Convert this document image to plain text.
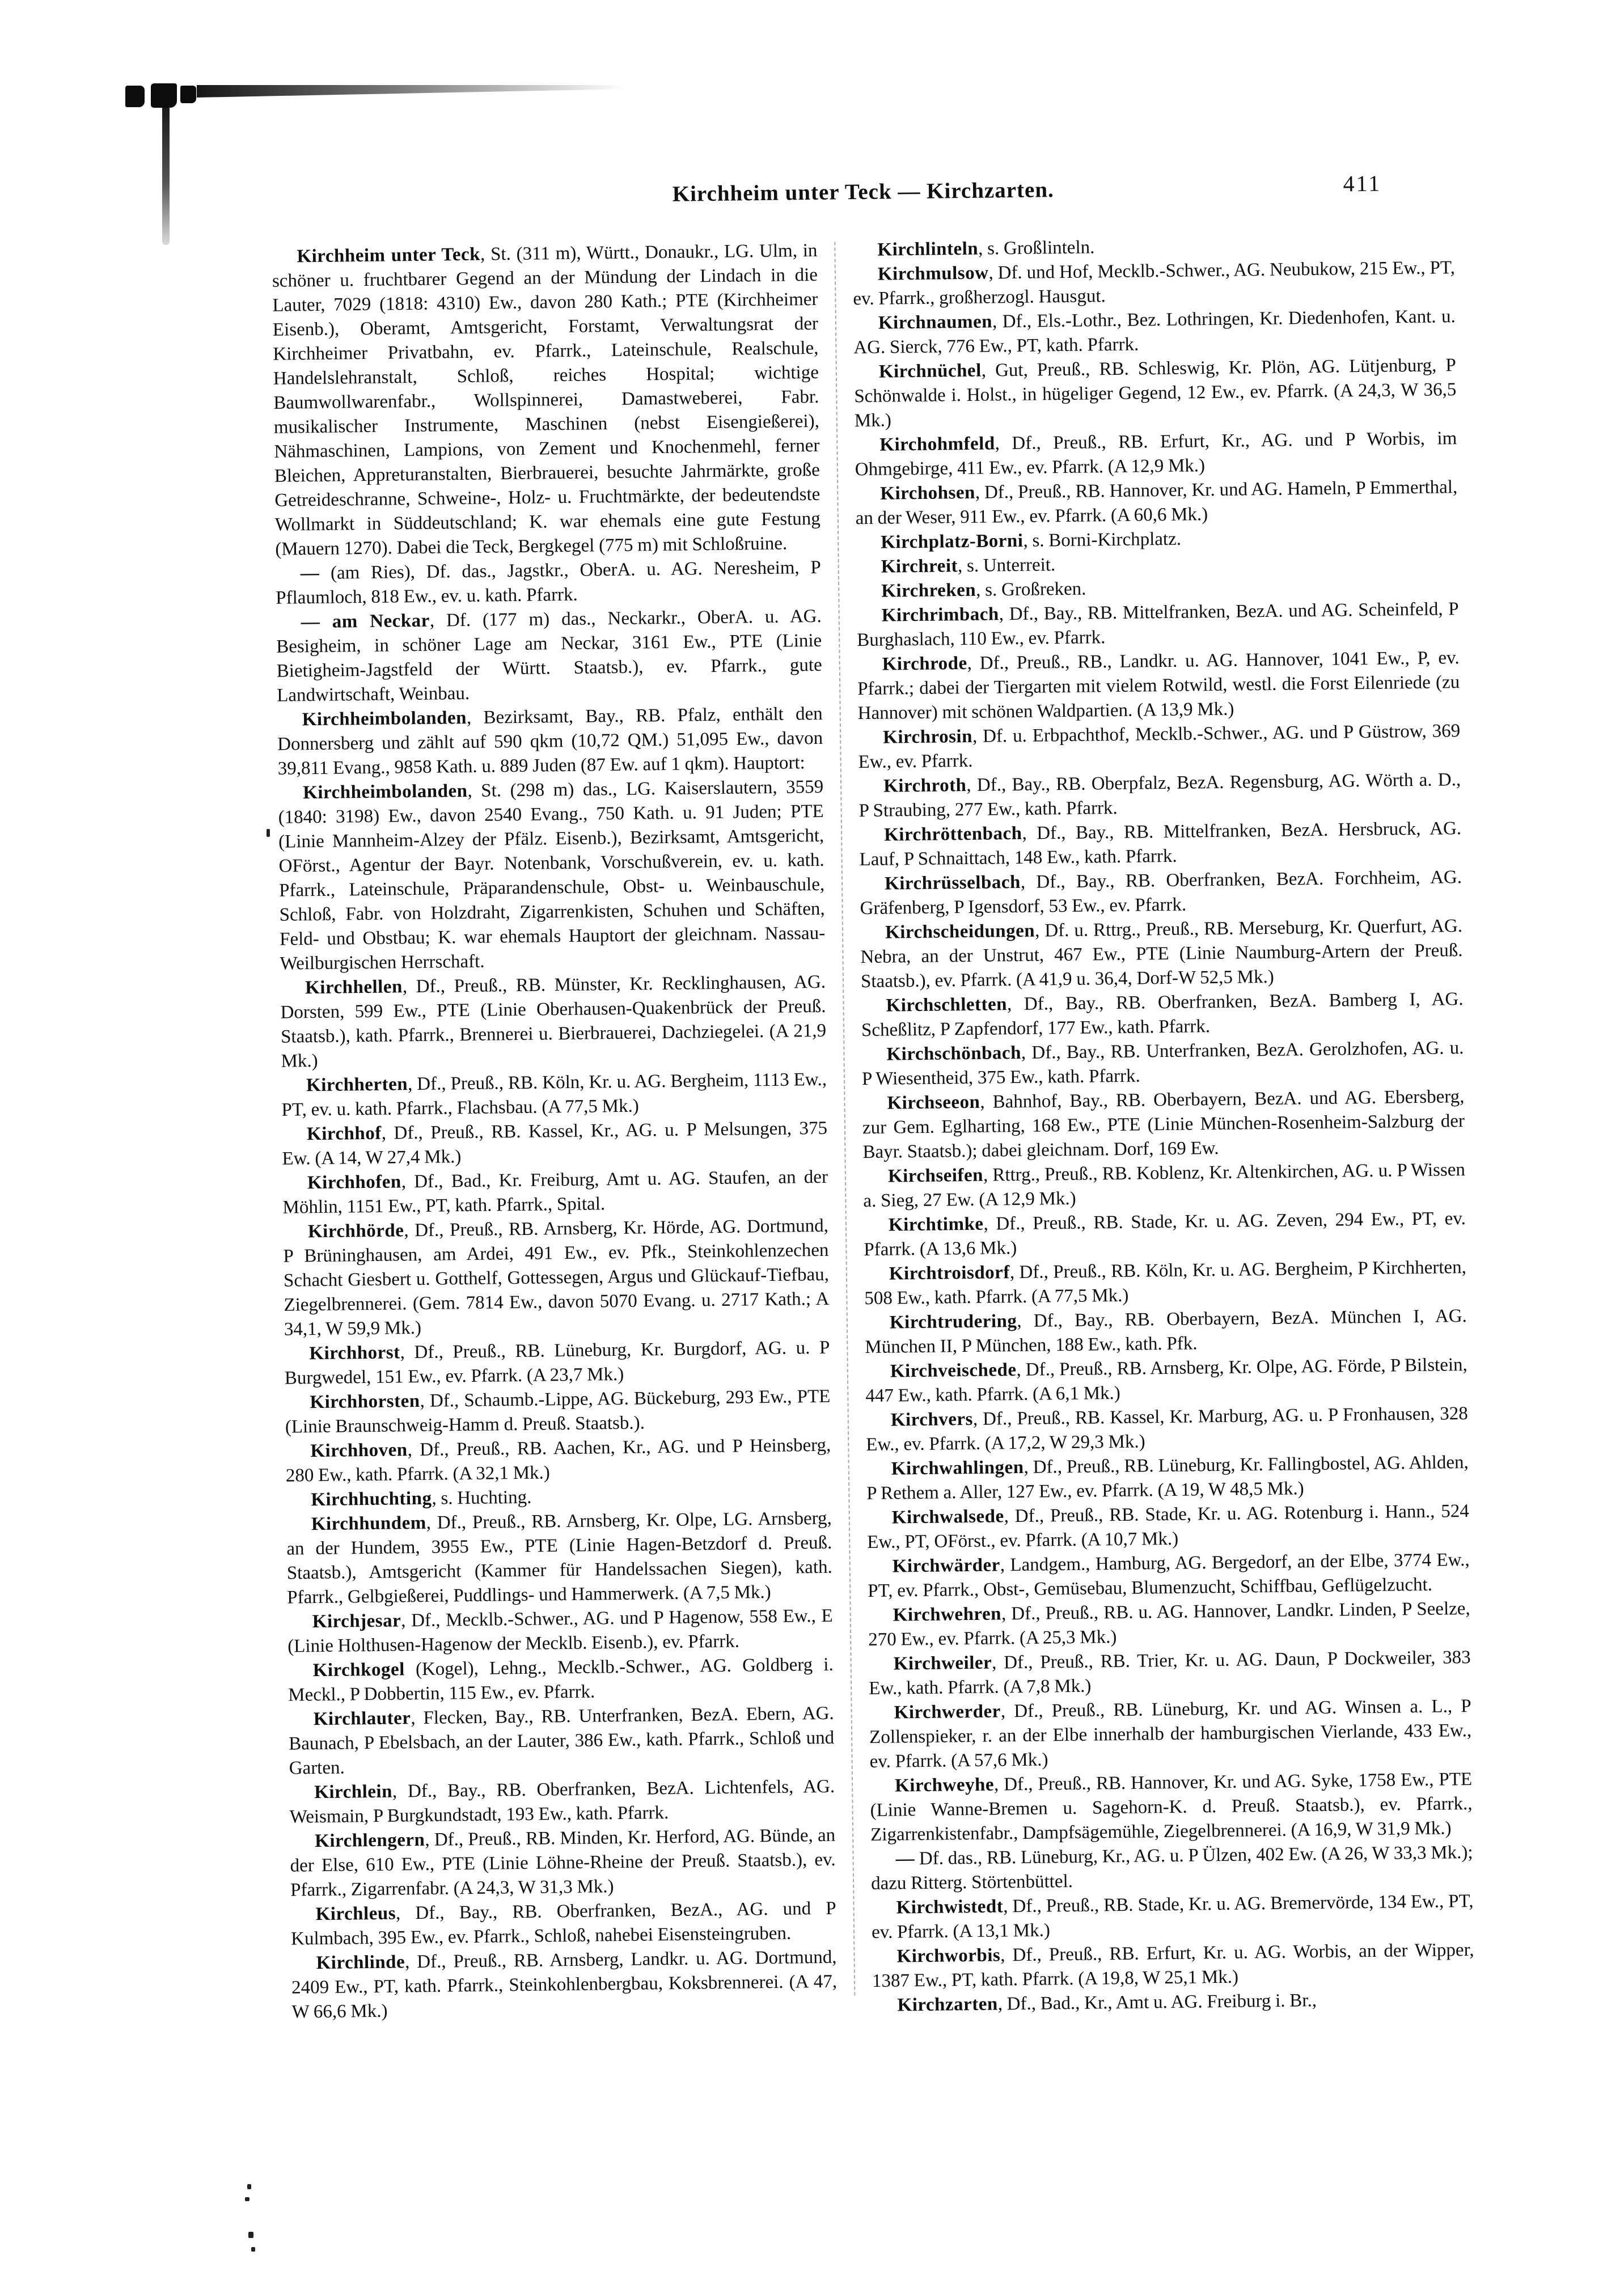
Kirchheim unter Teck — Kirchzarten.	411

Kirchheim unter Teck, St. (311 m), Württ., Donaukr., LG. Ulm, in schöner u. fruchtbarer Gegend an der Mündung der Lindach in die Lauter, 7029 (1818: 4310) Ew., davon 280 Kath.; PTE (Kirchheimer Eisenb.), Oberamt, Amtsgericht, Forstamt, Verwaltungsrat der Kirchheimer Privatbahn, ev. Pfarrk., Lateinschule, Realschule, Handelslehranstalt, Schloß, reiches Hospital; wichtige Baumwollwarenfabr., Wollspinnerei, Damastweberei, Fabr. musikalischer Instrumente, Maschinen (nebst Eisengießerei), Nähmaschinen, Lampions, von Zement und Knochenmehl, ferner Bleichen, Appreturanstalten, Bierbrauerei, besuchte Jahrmärkte, große Getreideschranne, Schweine-, Holz- u. Fruchtmärkte, der bedeutendste Wollmarkt in Süddeutschland; K. war ehemals eine gute Festung (Mauern 1270). Dabei die Teck, Bergkegel (775 m) mit Schloßruine.

— (am Ries), Df. das., Jagstkr., OberA. u. AG. Neresheim, P Pflaumloch, 818 Ew., ev. u. kath. Pfarrk.

— am Neckar, Df. (177 m) das., Neckarkr., OberA. u. AG. Besigheim, in schöner Lage am Neckar, 3161 Ew., PTE (Linie Bietigheim-Jagstfeld der Württ. Staatsb.), ev. Pfarrk., gute Landwirtschaft, Weinbau.

Kirchheimbolanden, Bezirksamt, Bay., RB. Pfalz, enthält den Donnersberg und zählt auf 590 qkm (10,72 QM.) 51,095 Ew., davon 39,811 Evang., 9858 Kath. u. 889 Juden (87 Ew. auf 1 qkm). Hauptort:

Kirchheimbolanden, St. (298 m) das., LG. Kaiserslautern, 3559 (1840: 3198) Ew., davon 2540 Evang., 750 Kath. u. 91 Juden; PTE (Linie Mannheim-Alzey der Pfälz. Eisenb.), Bezirksamt, Amtsgericht, OFörst., Agentur der Bayr. Notenbank, Vorschußverein, ev. u. kath. Pfarrk., Lateinschule, Präparandenschule, Obst- u. Weinbauschule, Schloß, Fabr. von Holzdraht, Zigarrenkisten, Schuhen und Schäften, Feld- und Obstbau; K. war ehemals Hauptort der gleichnam. Nassau-Weilburgischen Herrschaft.

Kirchhellen, Df., Preuß., RB. Münster, Kr. Recklinghausen, AG. Dorsten, 599 Ew., PTE (Linie Oberhausen-Quakenbrück der Preuß. Staatsb.), kath. Pfarrk., Brennerei u. Bierbrauerei, Dachziegelei. (A 21,9 Mk.)

Kirchherten, Df., Preuß., RB. Köln, Kr. u. AG. Bergheim, 1113 Ew., PT, ev. u. kath. Pfarrk., Flachsbau. (A 77,5 Mk.)

Kirchhof, Df., Preuß., RB. Kassel, Kr., AG. u. P Melsungen, 375 Ew. (A 14, W 27,4 Mk.)

Kirchhofen, Df., Bad., Kr. Freiburg, Amt u. AG. Staufen, an der Möhlin, 1151 Ew., PT, kath. Pfarrk., Spital.

Kirchhörde, Df., Preuß., RB. Arnsberg, Kr. Hörde, AG. Dortmund, P Brüninghausen, am Ardei, 491 Ew., ev. Pfk., Steinkohlenzechen Schacht Giesbert u. Gotthelf, Gottessegen, Argus und Glückauf-Tiefbau, Ziegelbrennerei. (Gem. 7814 Ew., davon 5070 Evang. u. 2717 Kath.; A 34,1, W 59,9 Mk.)

Kirchhorst, Df., Preuß., RB. Lüneburg, Kr. Burgdorf, AG. u. P Burgwedel, 151 Ew., ev. Pfarrk. (A 23,7 Mk.)

Kirchhorsten, Df., Schaumb.-Lippe, AG. Bückeburg, 293 Ew., PTE (Linie Braunschweig-Hamm d. Preuß. Staatsb.).

Kirchhoven, Df., Preuß., RB. Aachen, Kr., AG. und P Heinsberg, 280 Ew., kath. Pfarrk. (A 32,1 Mk.)

Kirchhuchting, s. Huchting.

Kirchhundem, Df., Preuß., RB. Arnsberg, Kr. Olpe, LG. Arnsberg, an der Hundem, 3955 Ew., PTE (Linie Hagen-Betzdorf d. Preuß. Staatsb.), Amtsgericht (Kammer für Handelssachen Siegen), kath. Pfarrk., Gelbgießerei, Puddlings- und Hammerwerk. (A 7,5 Mk.)

Kirchjesar, Df., Mecklb.-Schwer., AG. und P Hagenow, 558 Ew., E (Linie Holthusen-Hagenow der Mecklb. Eisenb.), ev. Pfarrk.

Kirchkogel (Kogel), Lehng., Mecklb.-Schwer., AG. Goldberg i. Meckl., P Dobbertin, 115 Ew., ev. Pfarrk.

Kirchlauter, Flecken, Bay., RB. Unterfranken, BezA. Ebern, AG. Baunach, P Ebelsbach, an der Lauter, 386 Ew., kath. Pfarrk., Schloß und Garten.

Kirchlein, Df., Bay., RB. Oberfranken, BezA. Lichtenfels, AG. Weismain, P Burgkundstadt, 193 Ew., kath. Pfarrk.

Kirchlengern, Df., Preuß., RB. Minden, Kr. Herford, AG. Bünde, an der Else, 610 Ew., PTE (Linie Löhne-Rheine der Preuß. Staatsb.), ev. Pfarrk., Zigarrenfabr. (A 24,3, W 31,3 Mk.)

Kirchleus, Df., Bay., RB. Oberfranken, BezA., AG. und P Kulmbach, 395 Ew., ev. Pfarrk., Schloß, nahebei Eisensteingruben.

Kirchlinde, Df., Preuß., RB. Arnsberg, Landkr. u. AG. Dortmund, 2409 Ew., PT, kath. Pfarrk., Steinkohlenbergbau, Koksbrennerei. (A 47, W 66,6 Mk.)

Kirchlinteln, s. Großlinteln.

Kirchmulsow, Df. und Hof, Mecklb.-Schwer., AG. Neubukow, 215 Ew., PT, ev. Pfarrk., großherzogl. Hausgut.

Kirchnaumen, Df., Els.-Lothr., Bez. Lothringen, Kr. Diedenhofen, Kant. u. AG. Sierck, 776 Ew., PT, kath. Pfarrk.

Kirchnüchel, Gut, Preuß., RB. Schleswig, Kr. Plön, AG. Lütjenburg, P Schönwalde i. Holst., in hügeliger Gegend, 12 Ew., ev. Pfarrk. (A 24,3, W 36,5 Mk.)

Kirchohmfeld, Df., Preuß., RB. Erfurt, Kr., AG. und P Worbis, im Ohmgebirge, 411 Ew., ev. Pfarrk. (A 12,9 Mk.)

Kirchohsen, Df., Preuß., RB. Hannover, Kr. und AG. Hameln, P Emmerthal, an der Weser, 911 Ew., ev. Pfarrk. (A 60,6 Mk.)

Kirchplatz-Borni, s. Borni-Kirchplatz.

Kirchreit, s. Unterreit.

Kirchreken, s. Großreken.

Kirchrimbach, Df., Bay., RB. Mittelfranken, BezA. und AG. Scheinfeld, P Burghaslach, 110 Ew., ev. Pfarrk.

Kirchrode, Df., Preuß., RB., Landkr. u. AG. Hannover, 1041 Ew., P, ev. Pfarrk.; dabei der Tiergarten mit vielem Rotwild, westl. die Forst Eilenriede (zu Hannover) mit schönen Waldpartien. (A 13,9 Mk.)

Kirchrosin, Df. u. Erbpachthof, Mecklb.-Schwer., AG. und P Güstrow, 369 Ew., ev. Pfarrk.

Kirchroth, Df., Bay., RB. Oberpfalz, BezA. Regensburg, AG. Wörth a. D., P Straubing, 277 Ew., kath. Pfarrk.

Kirchröttenbach, Df., Bay., RB. Mittelfranken, BezA. Hersbruck, AG. Lauf, P Schnaittach, 148 Ew., kath. Pfarrk.

Kirchrüsselbach, Df., Bay., RB. Oberfranken, BezA. Forchheim, AG. Gräfenberg, P Igensdorf, 53 Ew., ev. Pfarrk.

Kirchscheidungen, Df. u. Rttrg., Preuß., RB. Merseburg, Kr. Querfurt, AG. Nebra, an der Unstrut, 467 Ew., PTE (Linie Naumburg-Artern der Preuß. Staatsb.), ev. Pfarrk. (A 41,9 u. 36,4, Dorf-W 52,5 Mk.)

Kirchschletten, Df., Bay., RB. Oberfranken, BezA. Bamberg I, AG. Scheßlitz, P Zapfendorf, 177 Ew., kath. Pfarrk.

Kirchschönbach, Df., Bay., RB. Unterfranken, BezA. Gerolzhofen, AG. u. P Wiesentheid, 375 Ew., kath. Pfarrk.

Kirchseeon, Bahnhof, Bay., RB. Oberbayern, BezA. und AG. Ebersberg, zur Gem. Eglharting, 168 Ew., PTE (Linie München-Rosenheim-Salzburg der Bayr. Staatsb.); dabei gleichnam. Dorf, 169 Ew.

Kirchseifen, Rttrg., Preuß., RB. Koblenz, Kr. Altenkirchen, AG. u. P Wissen a. Sieg, 27 Ew. (A 12,9 Mk.)

Kirchtimke, Df., Preuß., RB. Stade, Kr. u. AG. Zeven, 294 Ew., PT, ev. Pfarrk. (A 13,6 Mk.)

Kirchtroisdorf, Df., Preuß., RB. Köln, Kr. u. AG. Bergheim, P Kirchherten, 508 Ew., kath. Pfarrk. (A 77,5 Mk.)

Kirchtrudering, Df., Bay., RB. Oberbayern, BezA. München I, AG. München II, P München, 188 Ew., kath. Pfk.

Kirchveischede, Df., Preuß., RB. Arnsberg, Kr. Olpe, AG. Förde, P Bilstein, 447 Ew., kath. Pfarrk. (A 6,1 Mk.)

Kirchvers, Df., Preuß., RB. Kassel, Kr. Marburg, AG. u. P Fronhausen, 328 Ew., ev. Pfarrk. (A 17,2, W 29,3 Mk.)

Kirchwahlingen, Df., Preuß., RB. Lüneburg, Kr. Fallingbostel, AG. Ahlden, P Rethem a. Aller, 127 Ew., ev. Pfarrk. (A 19, W 48,5 Mk.)

Kirchwalsede, Df., Preuß., RB. Stade, Kr. u. AG. Rotenburg i. Hann., 524 Ew., PT, OFörst., ev. Pfarrk. (A 10,7 Mk.)

Kirchwärder, Landgem., Hamburg, AG. Bergedorf, an der Elbe, 3774 Ew., PT, ev. Pfarrk., Obst-, Gemüsebau, Blumenzucht, Schiffbau, Geflügelzucht.

Kirchwehren, Df., Preuß., RB. u. AG. Hannover, Landkr. Linden, P Seelze, 270 Ew., ev. Pfarrk. (A 25,3 Mk.)

Kirchweiler, Df., Preuß., RB. Trier, Kr. u. AG. Daun, P Dockweiler, 383 Ew., kath. Pfarrk. (A 7,8 Mk.)

Kirchwerder, Df., Preuß., RB. Lüneburg, Kr. und AG. Winsen a. L., P Zollenspieker, r. an der Elbe innerhalb der hamburgischen Vierlande, 433 Ew., ev. Pfarrk. (A 57,6 Mk.)

Kirchweyhe, Df., Preuß., RB. Hannover, Kr. und AG. Syke, 1758 Ew., PTE (Linie Wanne-Bremen u. Sagehorn-K. d. Preuß. Staatsb.), ev. Pfarrk., Zigarrenkistenfabr., Dampfsägemühle, Ziegelbrennerei. (A 16,9, W 31,9 Mk.)

— Df. das., RB. Lüneburg, Kr., AG. u. P Ülzen, 402 Ew. (A 26, W 33,3 Mk.); dazu Ritterg. Störtenbüttel.

Kirchwistedt, Df., Preuß., RB. Stade, Kr. u. AG. Bremervörde, 134 Ew., PT, ev. Pfarrk. (A 13,1 Mk.)

Kirchworbis, Df., Preuß., RB. Erfurt, Kr. u. AG. Worbis, an der Wipper, 1387 Ew., PT, kath. Pfarrk. (A 19,8, W 25,1 Mk.)

Kirchzarten, Df., Bad., Kr., Amt u. AG. Freiburg i. Br.,
